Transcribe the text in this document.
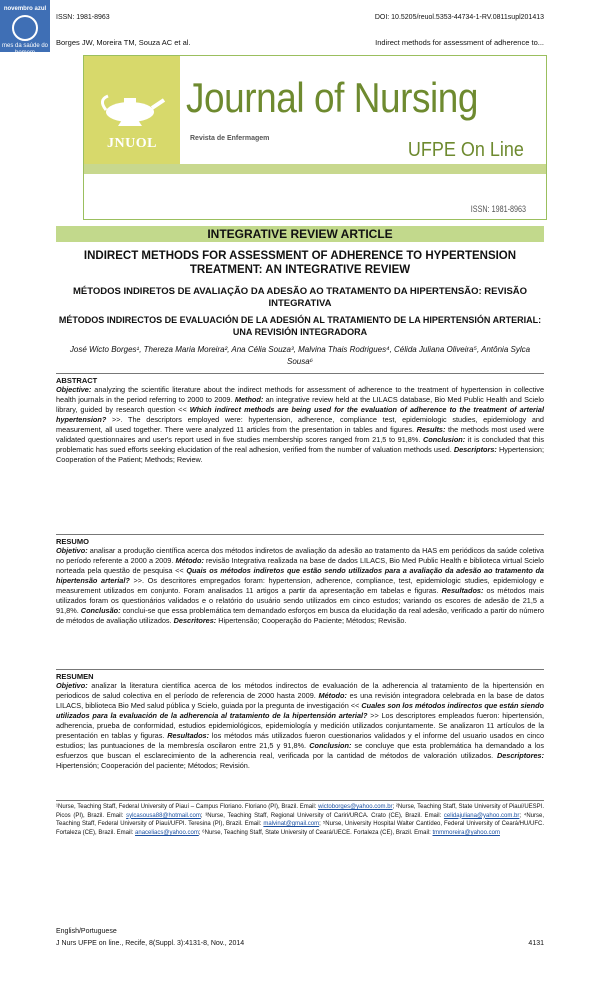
novembro azul
mes da saúde do homem
ISSN: 1981-8963	DOI: 10.5205/reuol.5353-44734-1-RV.0811supl201413
Borges JW, Moreira TM, Souza AC et al.	Indirect methods for assessment of adherence to...
JNUOL
Journal of Nursing
Revista de Enfermagem
UFPE On Line
ISSN: 1981-8963
INTEGRATIVE REVIEW ARTICLE
INDIRECT METHODS FOR ASSESSMENT OF ADHERENCE TO HYPERTENSION TREATMENT: AN INTEGRATIVE REVIEW
MÉTODOS INDIRETOS DE AVALIAÇÃO DA ADESÃO AO TRATAMENTO DA HIPERTENSÃO: REVISÃO INTEGRATIVA
MÉTODOS INDIRECTOS DE EVALUACIÓN DE LA ADESIÓN AL TRATAMIENTO DE LA HIPERTENSIÓN ARTERIAL: UNA REVISIÓN INTEGRADORA
José Wicto Borges¹, Thereza Maria Moreira², Ana Célia Souza³, Malvina Thais Rodrigues⁴, Célida Juliana Oliveira⁵, Antônia Sylca Sousa⁶
ABSTRACT

Objective: analyzing the scientific literature about the indirect methods for assessment of adherence to the treatment of hypertension in collective health journals in the period referring to 2000 to 2009. Method: an integrative review held at the LILACS database, Bio Med Public Health and Scielo library, guided by research question << Which indirect methods are being used for the evaluation of adherence to the treatment of arterial hypertension? >>. The descriptors employed were: hypertension, adherence, compliance test, epidemiologic studies, epidemiology and measurement, all used together. There were analyzed 11 articles from the presentation in tables and figures. Results: the methods most used were validated questionnaires and user's report used in five studies membership scores ranged from 21,5 to 91,8%. Conclusion: it is concluded that this problematic has sued efforts seeking elucidation of the real adhesion, verified from the number of valuation methods used. Descriptors: Hypertension; Cooperation of the Patient; Methods; Review.

RESUMO

Objetivo: analisar a produção científica acerca dos métodos indiretos de avaliação da adesão ao tratamento da HAS em periódicos da saúde coletiva no período referente a 2000 a 2009. Método: revisão Integrativa realizada na base de dados LILACS, Bio Med Public Health e biblioteca virtual Scielo norteada pela questão de pesquisa << Quais os métodos indiretos que estão sendo utilizados para a avaliação da adesão ao tratamento da hipertensão arterial? >>. Os descritores empregados foram: hypertension, adherence, compliance, test, epidemiologic studies, epidemiology e measurement utilizados em conjunto. Foram analisados 11 artigos a partir da apresentação em tabelas e figuras. Resultados: os métodos mais utilizados foram os questionários validados e o relatório do usuário sendo utilizados em cinco estudos; variando os escores de adesão de 21,5 a 91,8%. Conclusão: conclui-se que essa problemática tem demandado esforços em busca da elucidação da real adesão, verificado a partir do número de métodos de avaliação utilizados. Descritores: Hipertensão; Cooperação do Paciente; Métodos; Revisão.

RESUMEN

Objetivo: analizar la literatura científica acerca de los métodos indirectos de evaluación de la adherencia al tratamiento de la hipertensión en periodicos de salud colectiva en el período de referencia de 2000 hasta 2009. Método: es una revisión integradora celebrada en la base de datos LILACS, biblioteca Bio Med salud pública y Scielo, guiada por la pregunta de investigación << Cuales son los métodos indirectos que están siendo utilizados para la evaluación de la adherencia al tratamiento de la hipertensión arterial? >> Los descriptores empleados fueron: hipertensión, adherencia, prueba de conformidad, estudios epidemiológicos, epidemiología y medición utilizados conjuntamente. Se analizaron 11 artículos de la presentación en tablas y figuras. Resultados: los métodos más utilizados fueron cuestionarios validados y el informe del usuario usados en cinco estudios; las puntuaciones de la membresía oscilaron entre 21,5 y 91,8%. Conclusion: se concluye que esta problemática ha demandado a los esfuerzos que buscan el esclarecimiento de la adherencia real, verificada por la cantidad de métodos de valoración utilizados. Descriptores: Hipertensión; Cooperación del paciente; Métodos; Revisión.

¹Nurse, Teaching Staff, Federal University of Piauí – Campus Floriano. Floriano (PI), Brazil. Email: wictoborges@yahoo.com.br; ²Nurse, Teaching Staff, State University of Piauí/UESPI. Picos (PI), Brazil. Email: sylcasousa88@hotmail.com; ³Nurse, Teaching Staff, Regional University of Cariri/URCA. Crato (CE), Brazil. Email: celidajuliana@yahoo.com.br; ⁴Nurse, Teaching Staff, Federal University of Piauí/UFPI. Teresina (PI), Brazil. Email: malvinat@gmail.com; ⁵Nurse, University Hospital Walter Cantídeo, Federal University of Ceará/HU/UFC. Fortaleza (CE), Brazil. Email: anaceliacs@yahoo.com; ⁶Nurse, Teaching Staff, State University of Ceará/UECE. Fortaleza (CE), Brazil. Email: tmmmoreira@yahoo.com
English/Portuguese
J Nurs UFPE on line., Recife, 8(Suppl. 3):4131-8, Nov., 2014	4131
